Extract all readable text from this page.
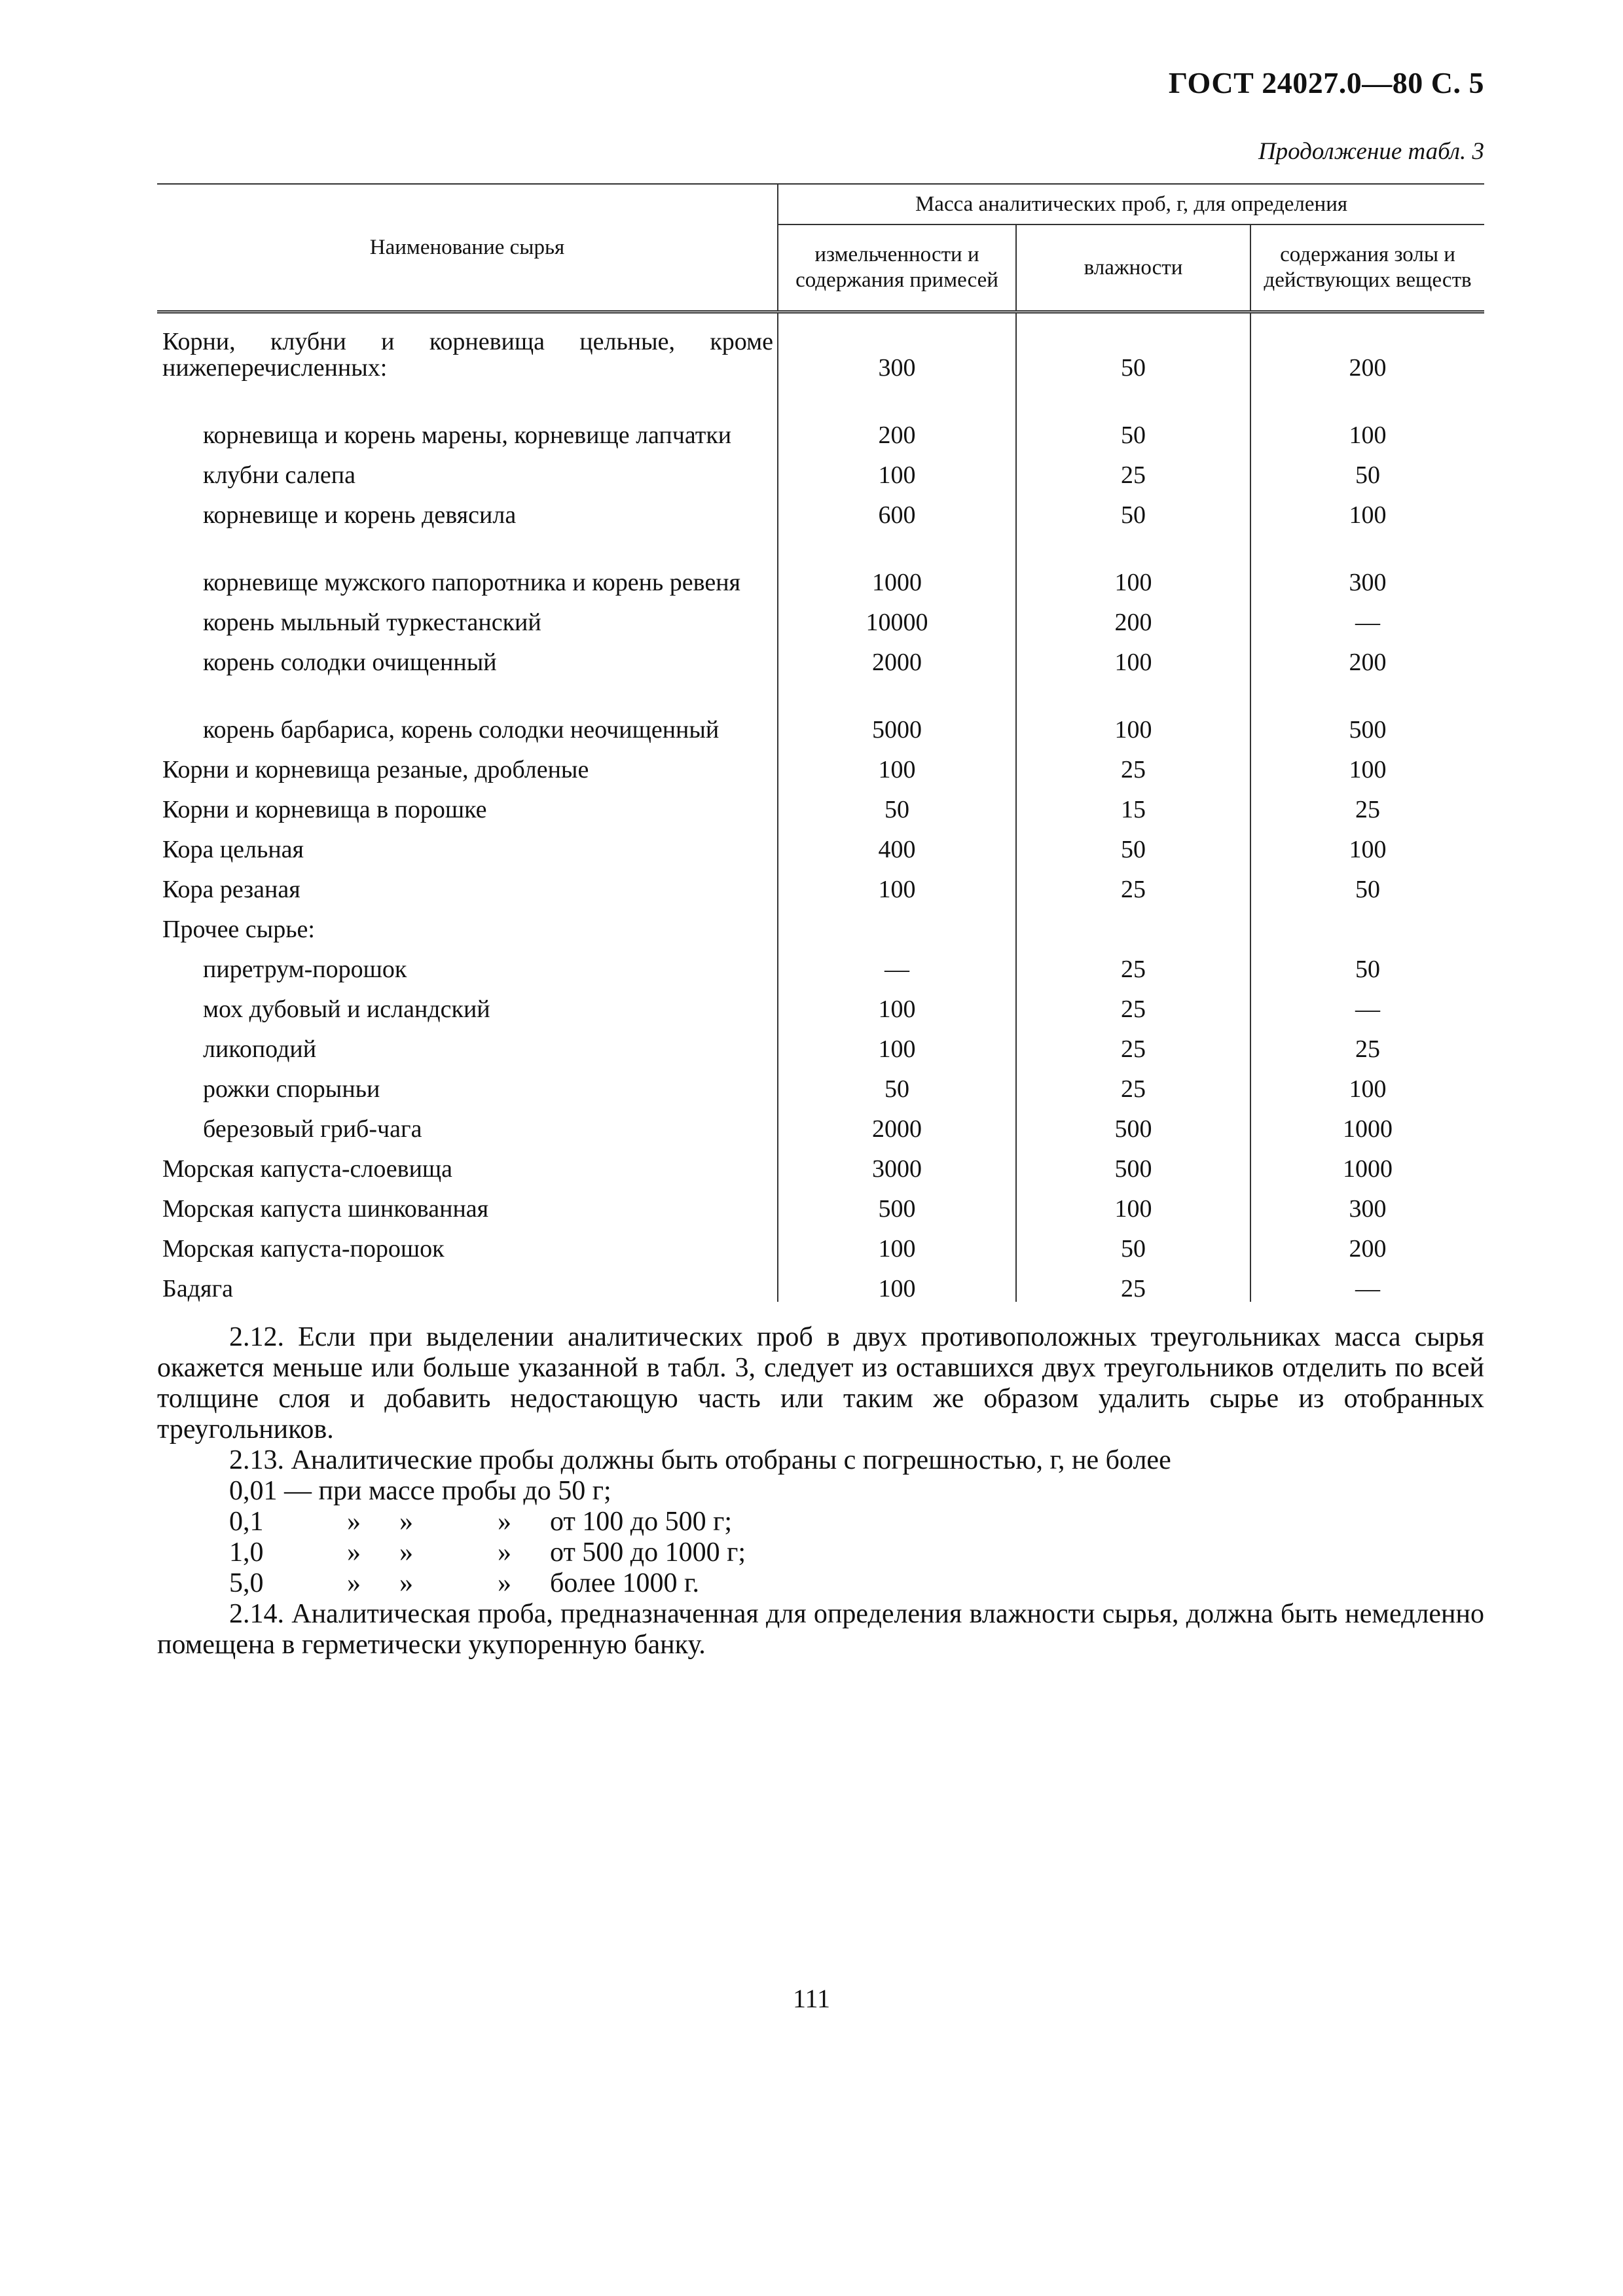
ГОСТ 24027.0—80 С. 5
Продолжение табл. 3
Наименование сырья	Масса аналитических проб, г, для определения		
	измельченности и содержания примесей	влажности	содержания золы и действующих веществ
Корни, клубни и корневища цельные, кроме нижеперечисленных:	300	50	200
корневища и корень марены, корневище лапчатки	200	50	100
клубни салепа	100	25	50
корневище и корень девясила	600	50	100
корневище мужского папоротника и корень ревеня	1000	100	300
корень мыльный туркестанский	10000	200	—
корень солодки очищенный	2000	100	200
корень барбариса, корень солодки неочищенный	5000	100	500
Корни и корневища резаные, дробленые	100	25	100
Корни и корневища в порошке	50	15	25
Кора цельная	400	50	100
Кора резаная	100	25	50
Прочее сырье:			
пиретрум-порошок	—	25	50
мох дубовый и исландский	100	25	—
ликоподий	100	25	25
рожки спорыньи	50	25	100
березовый гриб-чага	2000	500	1000
Морская капуста-слоевища	3000	500	1000
Морская капуста шинкованная	500	100	300
Морская капуста-порошок	100	50	200
Бадяга	100	25	—

2.12. Если при выделении аналитических проб в двух противоположных треугольниках масса сырья окажется меньше или больше указанной в табл. 3, следует из оставшихся двух треугольников отделить по всей толщине слоя и добавить недостающую часть или таким же образом удалить сырье из отобранных треугольников.

2.13. Аналитические пробы должны быть отобраны с погрешностью, г, не более

0,01 — при массе пробы до 50 г;

0,1	» »	» от 100 до 500 г;

1,0	» »	» от 500 до 1000 г;

5,0	» »	» более 1000 г.

2.14. Аналитическая проба, предназначенная для определения влажности сырья, должна быть немедленно помещена в герметически укупоренную банку.

111
